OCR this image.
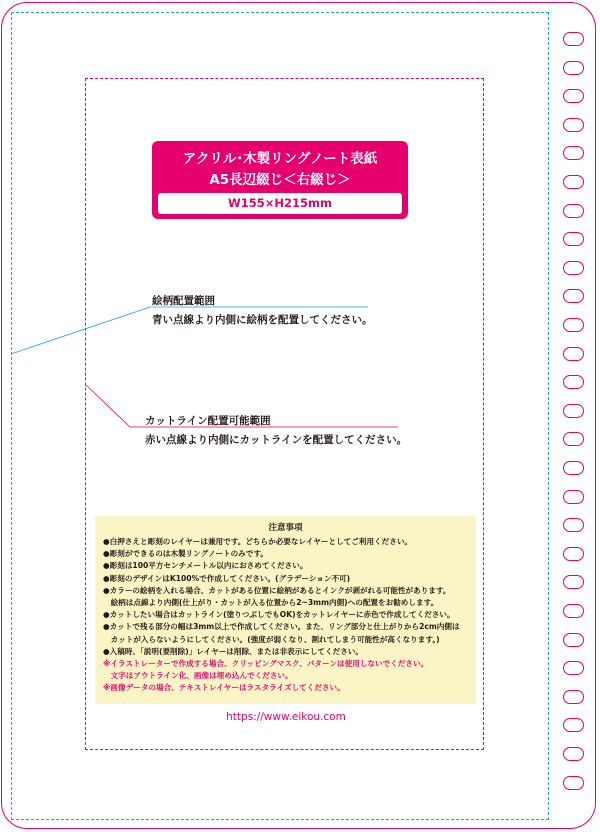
アクリル･木製リングノート表紙
A5長辺綴じ＜右綴じ＞
W155×H215mm
絵柄配置範囲
青い点線より内側に絵柄を配置してください。
カットライン配置可能範囲
赤い点線より内側にカットラインを配置してください。
注意事項
●白押さえと彫刻のレイヤーは兼用です。どちらか必要なレイヤーとしてご利用ください。
●彫刻ができるのは木製リングノートのみです。
●彫刻は100平方センチメートル以内におさめてください。
●彫刻のデザインはK100%で作成してください。(グラデーション不可)
●カラーの絵柄を入れる場合、カットがある位置に絵柄があるとインクが剥がれる可能性があります。
　絵柄は点線より内側(仕上がり・カットが入る位置から2~3mm内側)への配置をお勧めします。
●カットしたい場合はカットライン(塗りつぶしでもOK)をカットレイヤーに赤色で作成してください。
●カットで残る部分の幅は3mm以上で作成してください。また、リング部分と仕上がりから2cm内側は
　カットが入らないようにしてください。(強度が弱くなり、割れてしまう可能性が高くなります。)
●入稿時、「説明(要削除)」レイヤーは削除、または非表示にしてください。
※イラストレーターで作成する場合、クリッピングマスク、パターンは使用しないでください。
　文字はアウトライン化、画像は埋め込んでください。
※画像データの場合、テキストレイヤーはラスタライズしてください。
https://www.eikou.com
